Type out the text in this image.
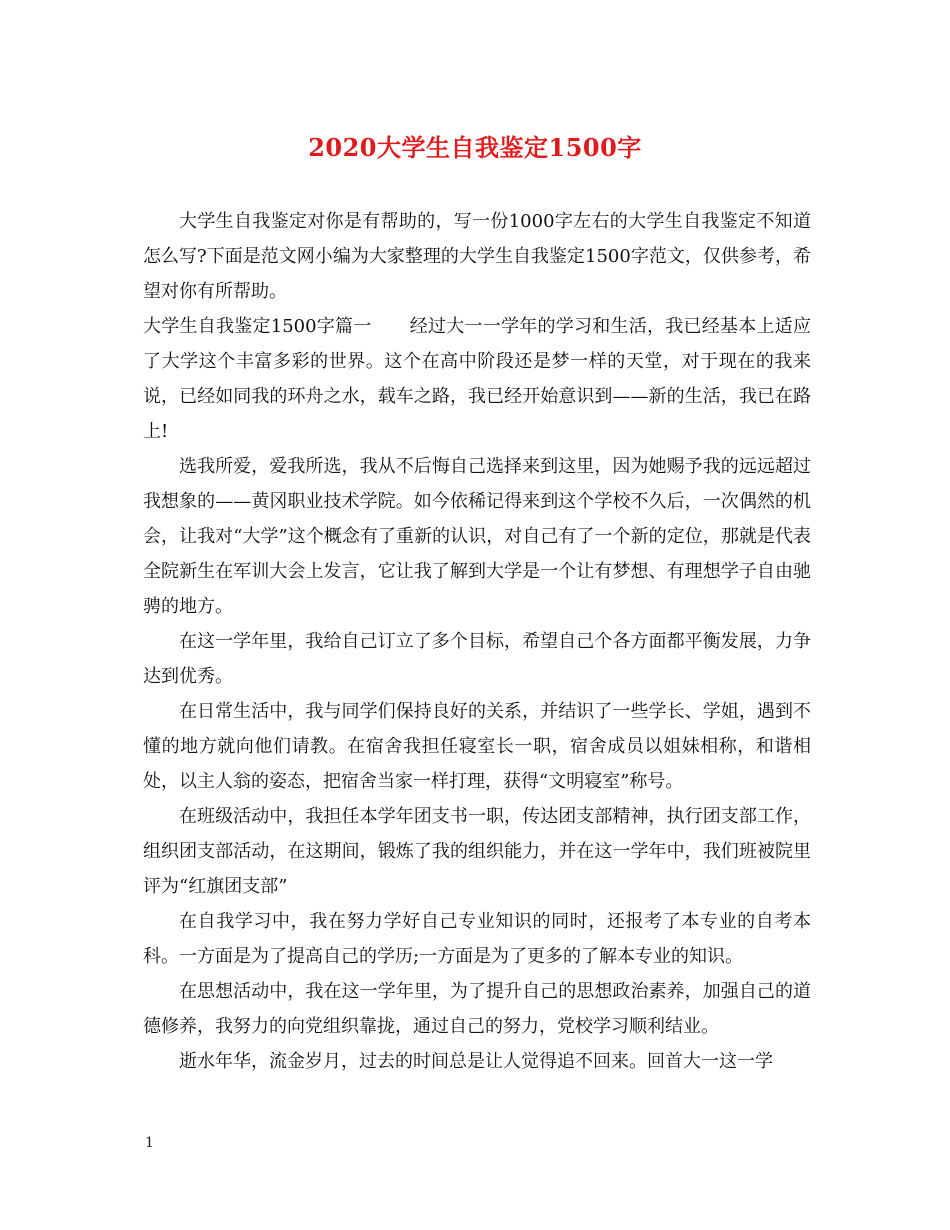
2020大学生自我鉴定1500字

大学生自我鉴定对你是有帮助的，写一份1000字左右的大学生自我鉴定不知道怎么写?下面是范文网小编为大家整理的大学生自我鉴定1500字范文，仅供参考，希望对你有所帮助。

大学生自我鉴定1500字篇一 经过大一一学年的学习和生活，我已经基本上适应了大学这个丰富多彩的世界。这个在高中阶段还是梦一样的天堂，对于现在的我来说，已经如同我的环舟之水，载车之路，我已经开始意识到——新的生活，我已在路上!

选我所爱，爱我所选，我从不后悔自己选择来到这里，因为她赐予我的远远超过我想象的——黄冈职业技术学院。如今依稀记得来到这个学校不久后，一次偶然的机会，让我对“大学”这个概念有了重新的认识，对自己有了一个新的定位，那就是代表全院新生在军训大会上发言，它让我了解到大学是一个让有梦想、有理想学子自由驰骋的地方。

在这一学年里，我给自己订立了多个目标，希望自己个各方面都平衡发展，力争达到优秀。

在日常生活中，我与同学们保持良好的关系，并结识了一些学长、学姐，遇到不懂的地方就向他们请教。在宿舍我担任寝室长一职，宿舍成员以姐妹相称，和谐相处，以主人翁的姿态，把宿舍当家一样打理，获得“文明寝室”称号。

在班级活动中，我担任本学年团支书一职，传达团支部精神，执行团支部工作，组织团支部活动，在这期间，锻炼了我的组织能力，并在这一学年中，我们班被院里评为“红旗团支部”

在自我学习中，我在努力学好自己专业知识的同时，还报考了本专业的自考本科。一方面是为了提高自己的学历;一方面是为了更多的了解本专业的知识。

在思想活动中，我在这一学年里，为了提升自己的思想政治素养，加强自己的道德修养，我努力的向党组织靠拢，通过自己的努力，党校学习顺利结业。

逝水年华，流金岁月，过去的时间总是让人觉得追不回来。回首大一这一学

1
